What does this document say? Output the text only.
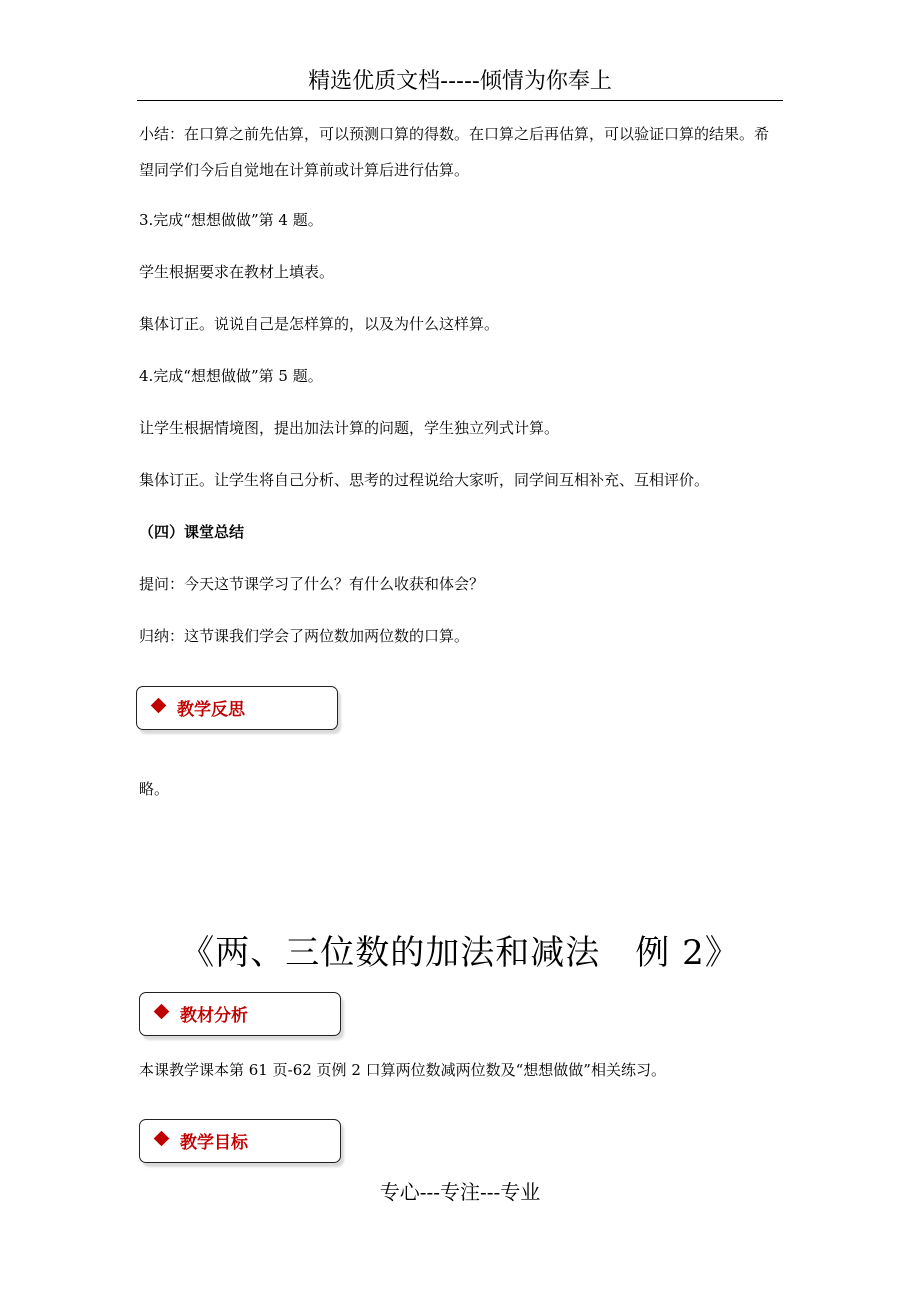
精选优质文档-----倾情为你奉上
小结：在口算之前先估算，可以预测口算的得数。在口算之后再估算，可以验证口算的结果。希望同学们今后自觉地在计算前或计算后进行估算。
3.完成“想想做做”第 4 题。
学生根据要求在教材上填表。
集体订正。说说自己是怎样算的，以及为什么这样算。
4.完成“想想做做”第 5 题。
让学生根据情境图，提出加法计算的问题，学生独立列式计算。
集体订正。让学生将自己分析、思考的过程说给大家听，同学间互相补充、互相评价。
（四）课堂总结
提问：今天这节课学习了什么？有什么收获和体会？
归纳：这节课我们学会了两位数加两位数的口算。
教学反思
略。
《两、三位数的加法和减法　例 2》
教材分析
本课教学课本第 61 页-62 页例 2 口算两位数减两位数及“想想做做”相关练习。
教学目标
专心---专注---专业
